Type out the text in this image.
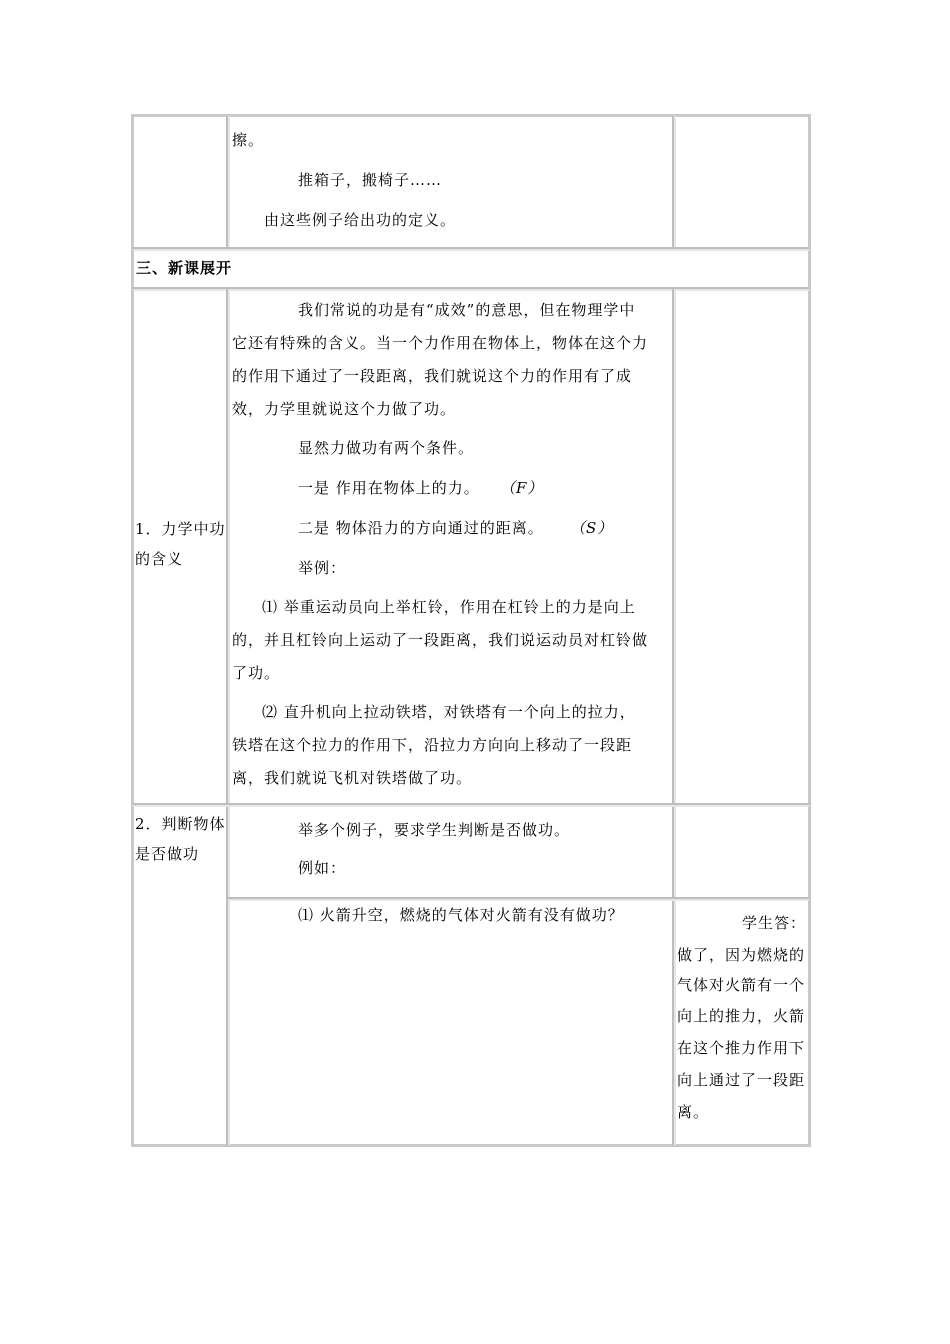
擦。
推箱子，搬椅子……
由这些例子给出功的定义。
三、新课展开
1．力学中功
的含义
我们常说的功是有“成效”的意思，但在物理学中
它还有特殊的含义。当一个力作用在物体上，物体在这个力
的作用下通过了一段距离，我们就说这个力的作用有了成
效，力学里就说这个力做了功。
显然力做功有两个条件。
一是 作用在物体上的力。 （F）
二是 物体沿力的方向通过的距离。 （S）
举例：
⑴ 举重运动员向上举杠铃，作用在杠铃上的力是向上
的，并且杠铃向上运动了一段距离，我们说运动员对杠铃做
了功。
⑵ 直升机向上拉动铁塔，对铁塔有一个向上的拉力，
铁塔在这个拉力的作用下，沿拉力方向向上移动了一段距
离，我们就说飞机对铁塔做了功。
2．判断物体
是否做功
举多个例子，要求学生判断是否做功。
例如：
⑴ 火箭升空，燃烧的气体对火箭有没有做功？	学生答：
做了，因为燃烧的
气体对火箭有一个
向上的推力，火箭
在这个推力作用下
向上通过了一段距
离。
